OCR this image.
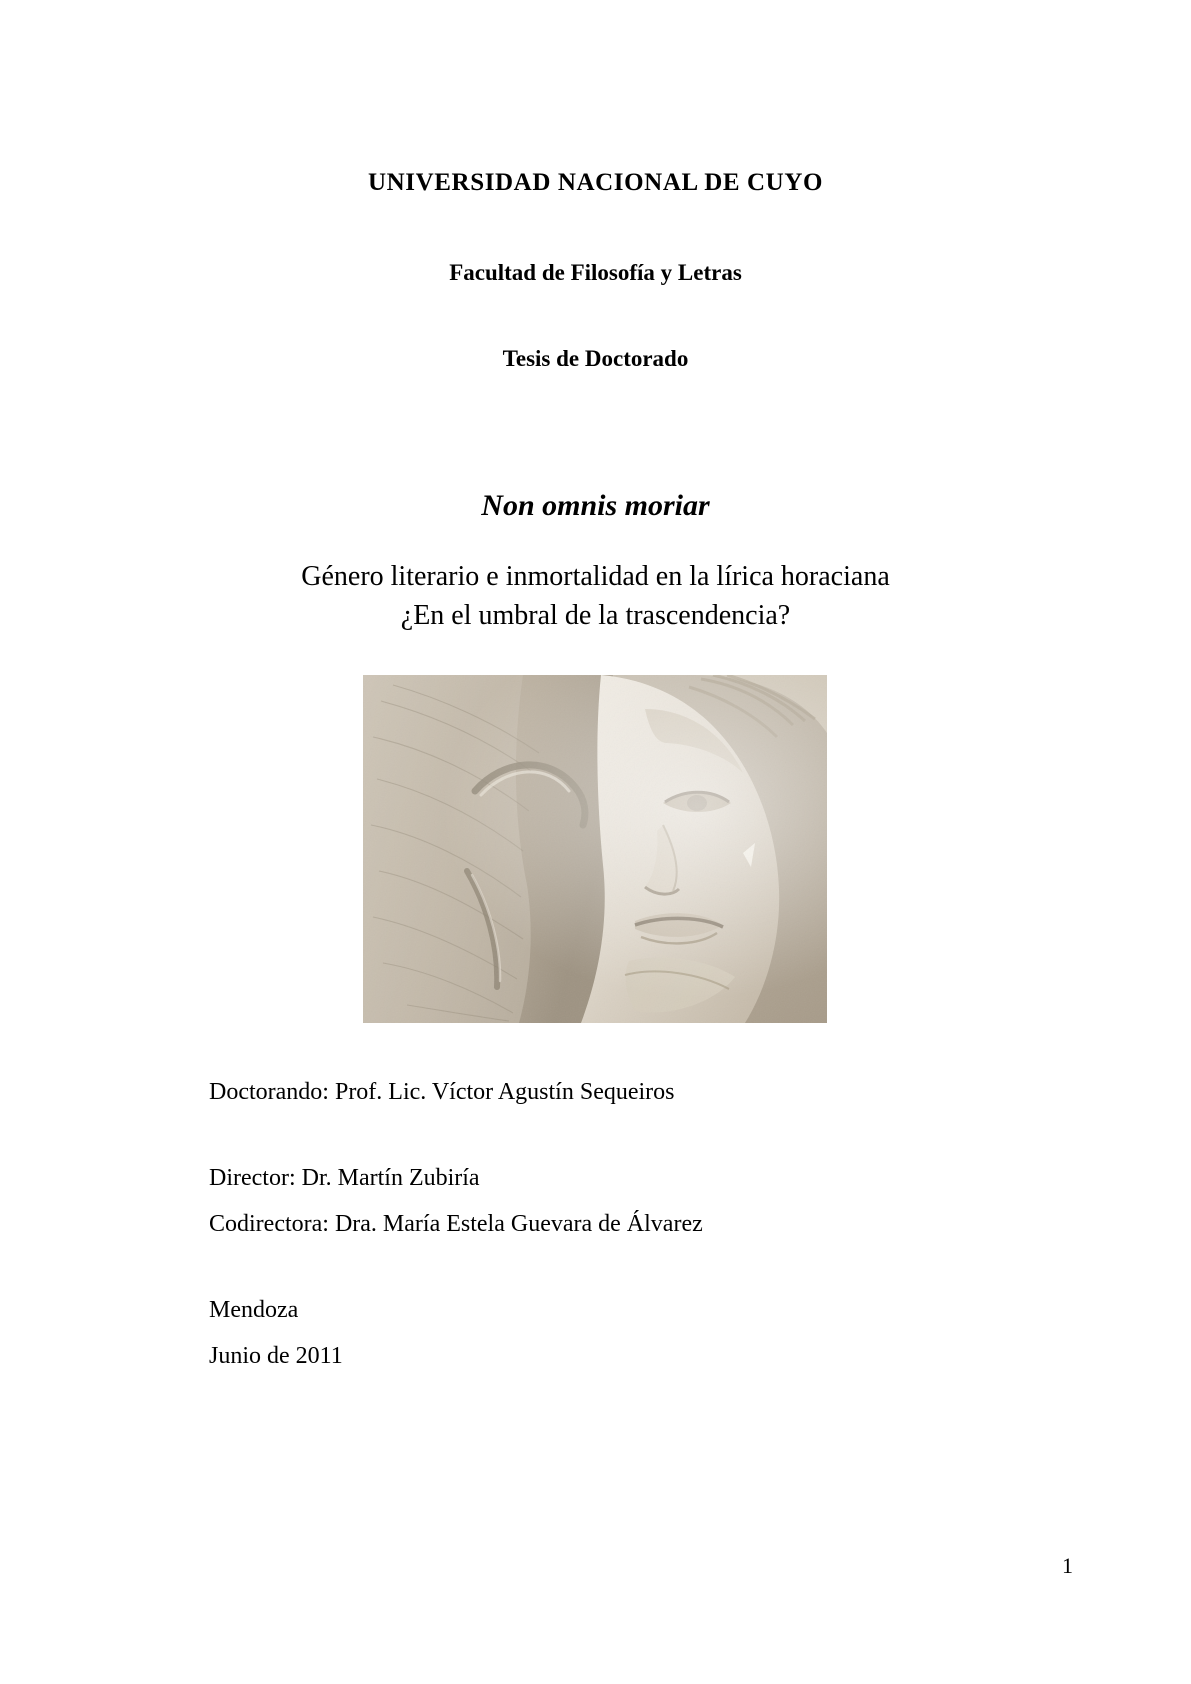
UNIVERSIDAD NACIONAL DE CUYO
Facultad de Filosofía y Letras
Tesis de Doctorado
Non omnis moriar
Género literario e inmortalidad en la lírica horaciana
¿En el umbral de la trascendencia?

Doctorando: Prof. Lic. Víctor Agustín Sequeiros

Director: Dr. Martín Zubiría

Codirectora: Dra. María Estela Guevara de Álvarez

Mendoza

Junio de 2011

1
